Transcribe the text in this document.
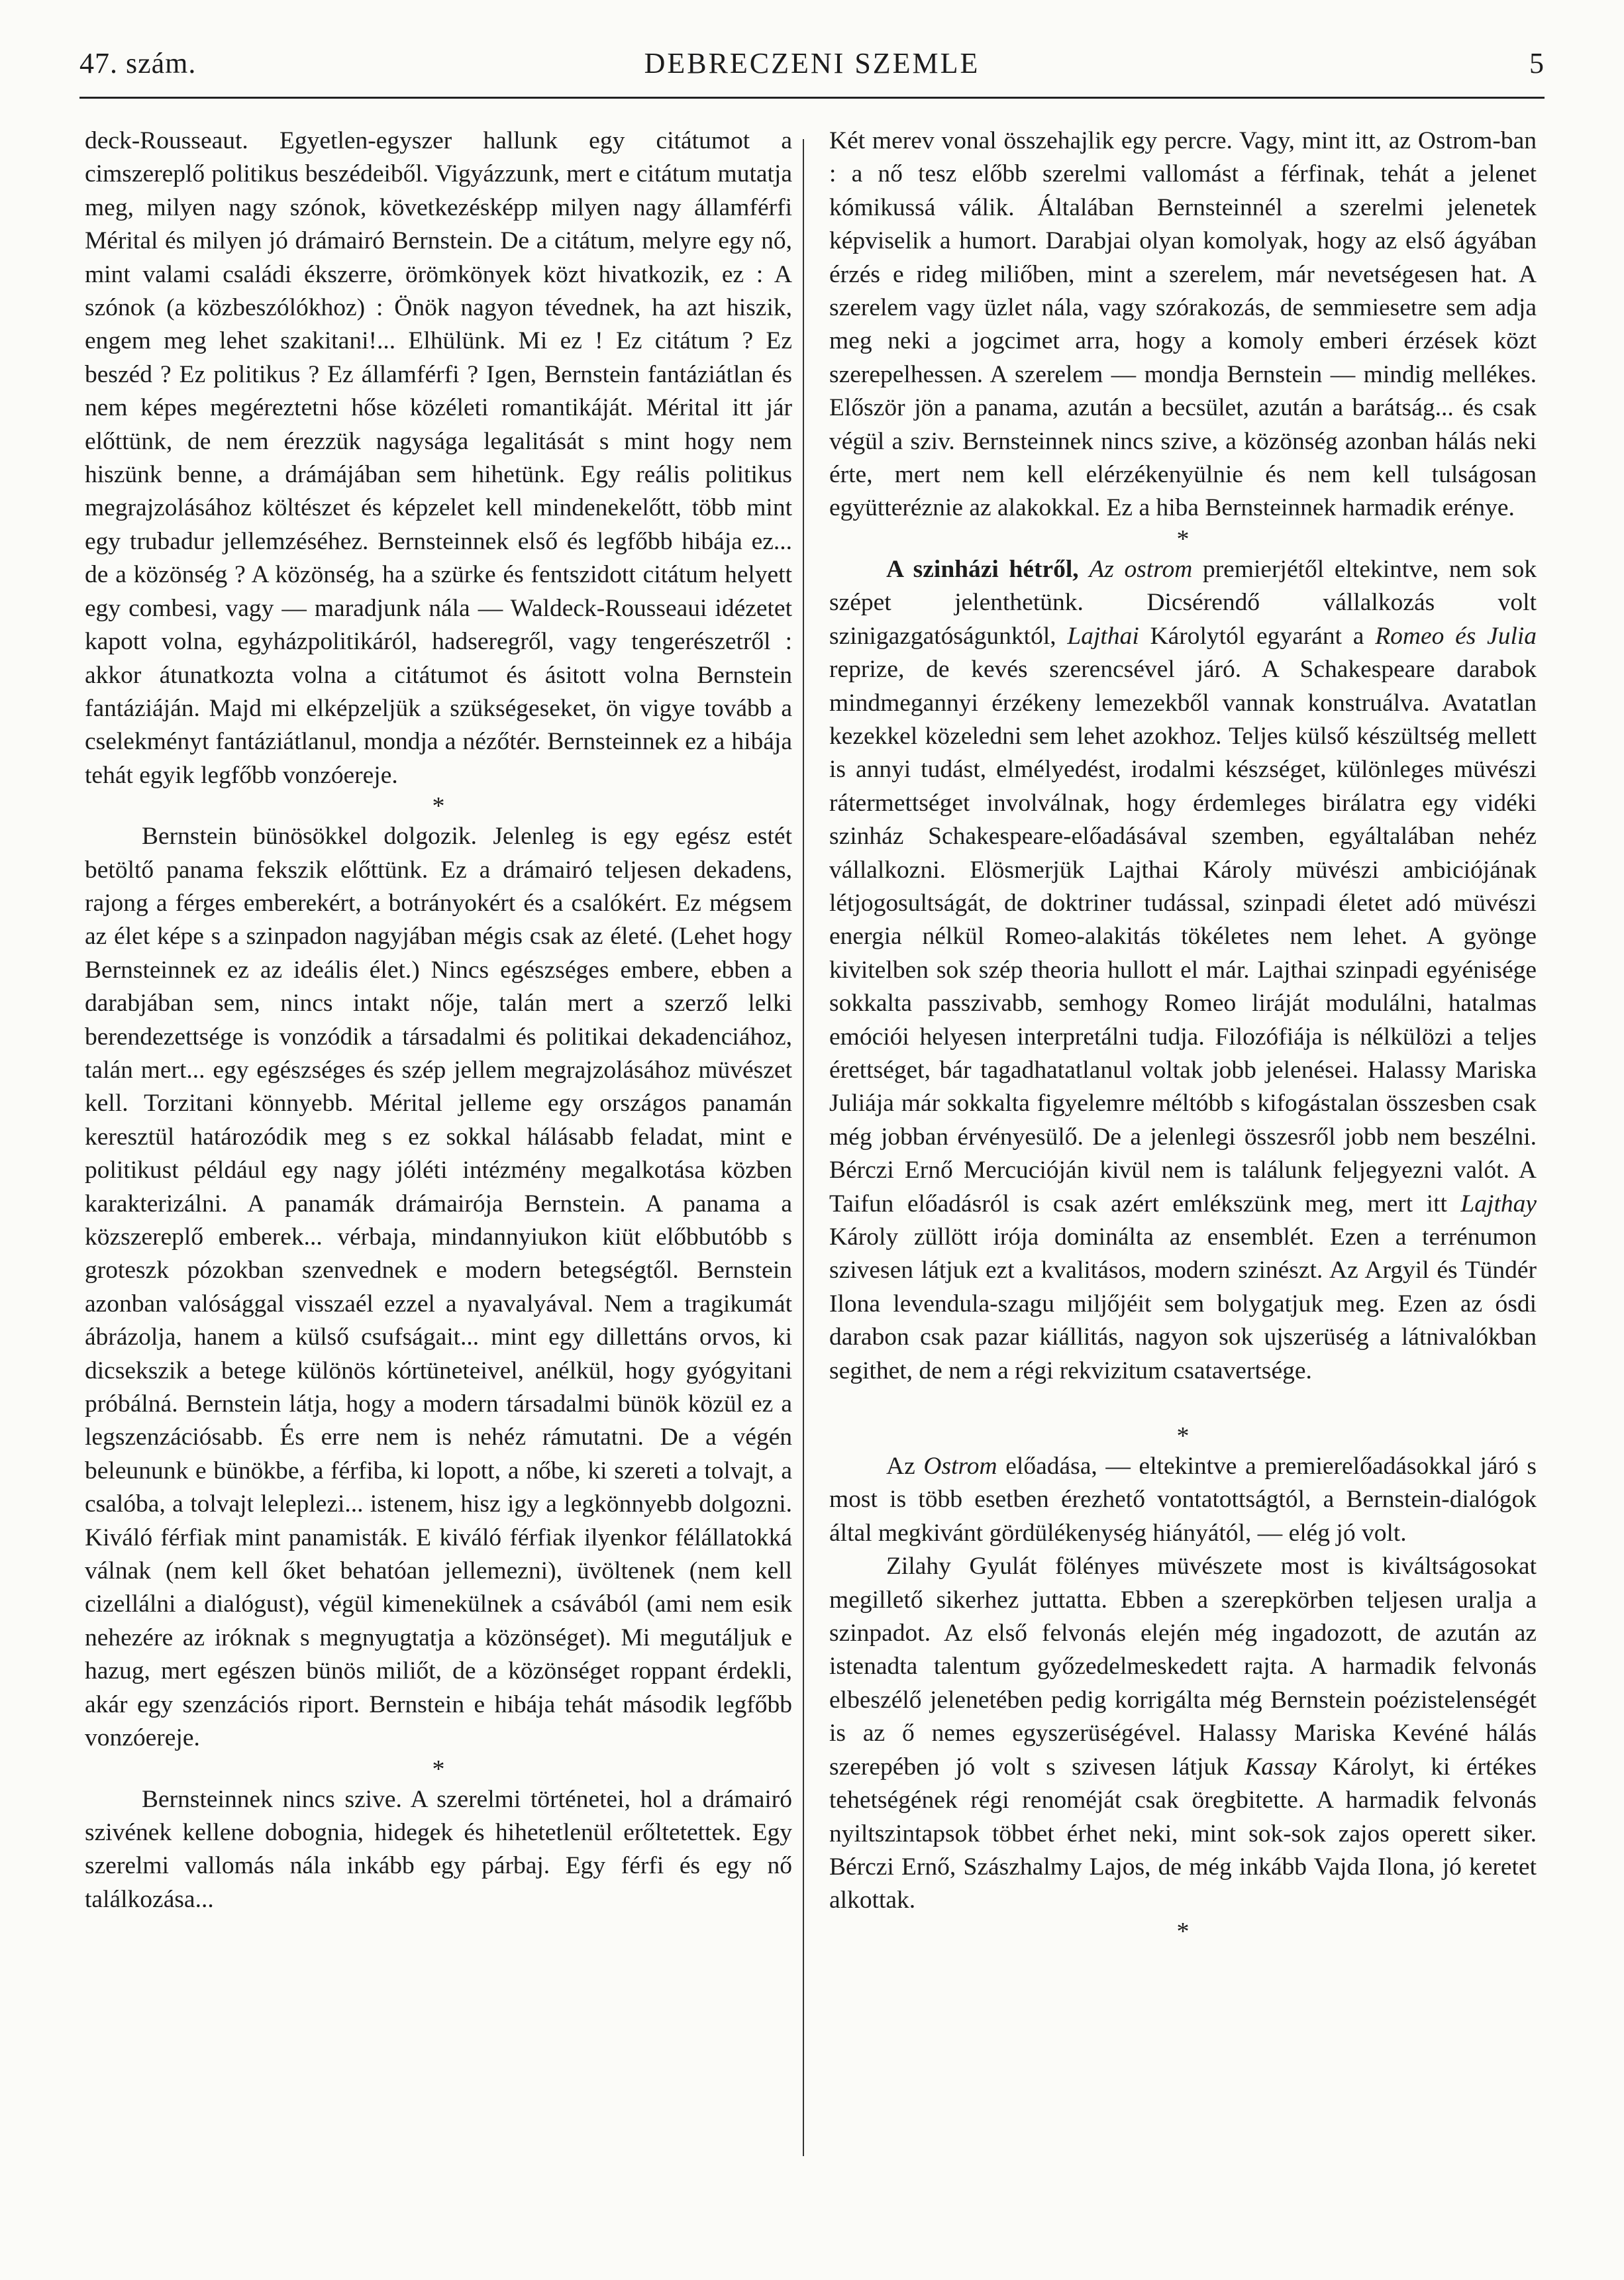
47. szám.	DEBRECZENI SZEMLE	5

deck-Rousseaut. Egyetlen-egyszer hallunk egy citátumot a cimszereplő politikus beszédeiből. Vigyázzunk, mert e citátum mutatja meg, milyen nagy szónok, következésképp milyen nagy államférfi Mérital és milyen jó drámairó Bernstein. De a citátum, melyre egy nő, mint valami családi ékszerre, örömkönyek közt hivatkozik, ez : A szónok (a közbeszólókhoz) : Önök nagyon tévednek, ha azt hiszik, engem meg lehet szakitani!... Elhülünk. Mi ez ! Ez citátum ? Ez beszéd ? Ez politikus ? Ez államférfi ? Igen, Bernstein fantáziátlan és nem képes megéreztetni hőse közéleti romantikáját. Mérital itt jár előttünk, de nem érezzük nagysága legalitását s mint hogy nem hiszünk benne, a drámájában sem hihetünk. Egy reális politikus megrajzolásához költészet és képzelet kell mindenekelőtt, több mint egy trubadur jellemzéséhez. Bernsteinnek első és legfőbb hibája ez... de a közönség ? A közönség, ha a szürke és fentszidott citátum helyett egy combesi, vagy — maradjunk nála — Waldeck-Rousseaui idézetet kapott volna, egyházpolitikáról, hadseregről, vagy tengerészetről : akkor átunatkozta volna a citátumot és ásitott volna Bernstein fantáziáján. Majd mi elképzeljük a szükségeseket, ön vigye tovább a cselekményt fantáziátlanul, mondja a nézőtér. Bernsteinnek ez a hibája tehát egyik legfőbb vonzóereje.

*

Bernstein bünösökkel dolgozik. Jelenleg is egy egész estét betöltő panama fekszik előttünk. Ez a drámairó teljesen dekadens, rajong a férges emberekért, a botrányokért és a csalókért. Ez mégsem az élet képe s a szinpadon nagyjában mégis csak az életé. (Lehet hogy Bernsteinnek ez az ideális élet.) Nincs egészséges embere, ebben a darabjában sem, nincs intakt nője, talán mert a szerző lelki berendezettsége is vonzódik a társadalmi és politikai dekadenciához, talán mert... egy egészséges és szép jellem megrajzolásához müvészet kell. Torzitani könnyebb. Mérital jelleme egy országos panamán keresztül határozódik meg s ez sokkal hálásabb feladat, mint e politikust például egy nagy jóléti intézmény megalkotása közben karakterizálni. A panamák drámairója Bernstein. A panama a közszereplő emberek... vérbaja, mindannyiukon kiüt előbbutóbb s groteszk pózokban szenvednek e modern betegségtől. Bernstein azonban valósággal visszaél ezzel a nyavalyával. Nem a tragikumát ábrázolja, hanem a külső csufságait... mint egy dillettáns orvos, ki dicsekszik a betege különös kórtüneteivel, anélkül, hogy gyógyitani próbálná. Bernstein látja, hogy a modern társadalmi bünök közül ez a legszenzációsabb. És erre nem is nehéz rámutatni. De a végén beleununk e bünökbe, a férfiba, ki lopott, a nőbe, ki szereti a tolvajt, a csalóba, a tolvajt leleplezi... istenem, hisz igy a legkönnyebb dolgozni. Kiváló férfiak mint panamisták. E kiváló férfiak ilyenkor félállatokká válnak (nem kell őket behatóan jellemezni), üvöltenek (nem kell cizellálni a dialógust), végül kimenekülnek a csávából (ami nem esik nehezére az iróknak s megnyugtatja a közönséget). Mi megutáljuk e hazug, mert egészen bünös miliőt, de a közönséget roppant érdekli, akár egy szenzációs riport. Bernstein e hibája tehát második legfőbb vonzóereje.

*

Bernsteinnek nincs szive. A szerelmi történetei, hol a drámairó szivének kellene dobognia, hidegek és hihetetlenül erőltetettek. Egy szerelmi vallomás nála inkább egy párbaj. Egy férfi és egy nő találkozása...

Két merev vonal összehajlik egy percre. Vagy, mint itt, az Ostrom-ban : a nő tesz előbb szerelmi vallomást a férfinak, tehát a jelenet kómikussá válik. Általában Bernsteinnél a szerelmi jelenetek képviselik a humort. Darabjai olyan komolyak, hogy az első ágyában érzés e rideg miliőben, mint a szerelem, már nevetségesen hat. A szerelem vagy üzlet nála, vagy szórakozás, de semmiesetre sem adja meg neki a jogcimet arra, hogy a komoly emberi érzések közt szerepelhessen. A szerelem — mondja Bernstein — mindig mellékes. Először jön a panama, azután a becsület, azután a barátság... és csak végül a sziv. Bernsteinnek nincs szive, a közönség azonban hálás neki érte, mert nem kell elérzékenyülnie és nem kell tulságosan együtteréznie az alakokkal. Ez a hiba Bernsteinnek harmadik erénye.

*

A szinházi hétről, Az ostrom premierjétől eltekintve, nem sok szépet jelenthetünk. Dicsérendő vállalkozás volt szinigazgatóságunktól, Lajthai Károlytól egyaránt a Romeo és Julia reprize, de kevés szerencsével járó. A Schakespeare darabok mindmegannyi érzékeny lemezekből vannak konstruálva. Avatatlan kezekkel közeledni sem lehet azokhoz. Teljes külső készültség mellett is annyi tudást, elmélyedést, irodalmi készséget, különleges müvészi rátermettséget involválnak, hogy érdemleges birálatra egy vidéki szinház Schakespeare-előadásával szemben, egyáltalában nehéz vállalkozni. Elösmerjük Lajthai Károly müvészi ambiciójának létjogosultságát, de doktriner tudással, szinpadi életet adó müvészi energia nélkül Romeo-alakitás tökéletes nem lehet. A gyönge kivitelben sok szép theoria hullott el már. Lajthai szinpadi egyénisége sokkalta passzivabb, semhogy Romeo liráját modulálni, hatalmas emóciói helyesen interpretálni tudja. Filozófiája is nélkülözi a teljes érettséget, bár tagadhatatlanul voltak jobb jelenései. Halassy Mariska Juliája már sokkalta figyelemre méltóbb s kifogástalan összesben csak még jobban érvényesülő. De a jelenlegi összesről jobb nem beszélni. Bérczi Ernő Mercucióján kivül nem is találunk feljegyezni valót. A Taifun előadásról is csak azért emlékszünk meg, mert itt Lajthay Károly züllött irója dominálta az ensemblét. Ezen a terrénumon szivesen látjuk ezt a kvalitásos, modern szinészt. Az Argyil és Tündér Ilona levendula-szagu miljőjéit sem bolygatjuk meg. Ezen az ósdi darabon csak pazar kiállitás, nagyon sok ujszerüség a látnivalókban segithet, de nem a régi rekvizitum csatavertsége.

*

Az Ostrom előadása, — eltekintve a premierelőadásokkal járó s most is több esetben érezhető vontatottságtól, a Bernstein-dialógok által megkivánt gördülékenység hiányától, — elég jó volt.

Zilahy Gyulát fölényes müvészete most is kiváltságosokat megillető sikerhez juttatta. Ebben a szerepkörben teljesen uralja a szinpadot. Az első felvonás elején még ingadozott, de azután az istenadta talentum győzedelmeskedett rajta. A harmadik felvonás elbeszélő jelenetében pedig korrigálta még Bernstein poézistelenségét is az ő nemes egyszerüségével. Halassy Mariska Kevéné hálás szerepében jó volt s szivesen látjuk Kassay Károlyt, ki értékes tehetségének régi renoméját csak öregbitette. A harmadik felvonás nyiltszintapsok többet érhet neki, mint sok-sok zajos operett siker. Bérczi Ernő, Szászhalmy Lajos, de még inkább Vajda Ilona, jó keretet alkottak.

*
